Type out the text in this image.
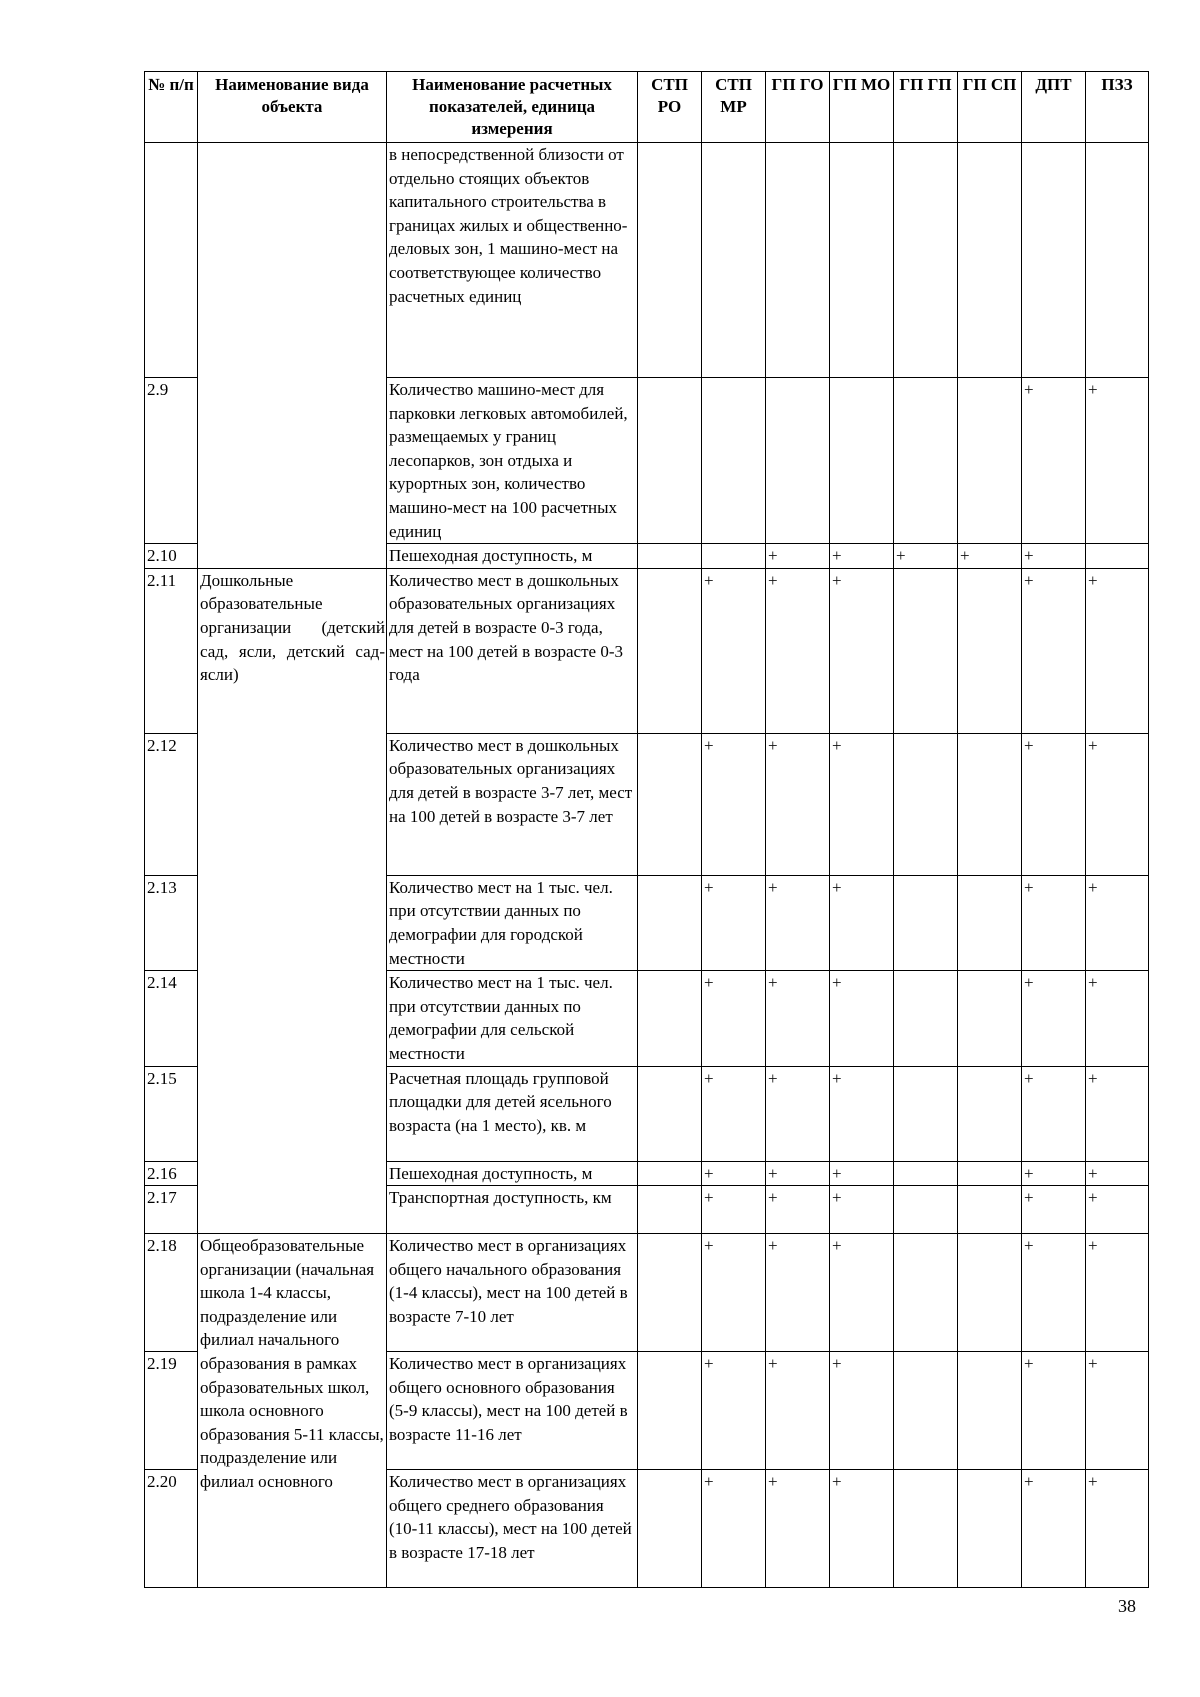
№ п/п	Наименование вида объекта	Наименование расчетных показателей, единица измерения	СТП РО	СТП МР	ГП ГО	ГП МО	ГП ГП	ГП СП	ДПТ	ПЗЗ
		в непосредственной близости от отдельно стоящих объектов капитального строительства в границах жилых и общественно-деловых зон, 1 машино-мест на соответствующее количество расчетных единиц								
2.9		Количество машино-мест для парковки легковых автомобилей, размещаемых у границ лесопарков, зон отдыха и курортных зон, количество машино-мест на 100 расчетных единиц							+	+
2.10		Пешеходная доступность, м			+	+	+	+	+	
2.11	Дошкольные образовательные организации (детский сад, ясли, детский сад-ясли)	Количество мест в дошкольных образовательных организациях для детей в возрасте 0-3 года, мест на 100 детей в возрасте 0-3 года		+	+	+			+	+
2.12		Количество мест в дошкольных образовательных организациях для детей в возрасте 3-7 лет, мест на 100 детей в возрасте 3-7 лет		+	+	+			+	+
2.13		Количество мест на 1 тыс. чел. при отсутствии данных по демографии для городской местности		+	+	+			+	+
2.14		Количество мест на 1 тыс. чел. при отсутствии данных по демографии для сельской местности		+	+	+			+	+
2.15		Расчетная площадь групповой площадки для детей ясельного возраста (на 1 место), кв. м		+	+	+			+	+
2.16		Пешеходная доступность, м		+	+	+			+	+
2.17		Транспортная доступность, км		+	+	+			+	+
2.18	Общеобразовательные организации (начальная школа 1-4 классы, подразделение или филиал начального образования в рамках образовательных школ, школа основного образования 5-11 классы, подразделение или филиал основного	Количество мест в организациях общего начального образования (1-4 классы), мест на 100 детей в возрасте 7-10 лет		+	+	+			+	+
2.19		Количество мест в организациях общего основного образования (5-9 классы), мест на 100 детей в возрасте 11-16 лет		+	+	+			+	+
2.20		Количество мест в организациях общего среднего образования (10-11 классы), мест на 100 детей в возрасте 17-18 лет		+	+	+			+	+
38
